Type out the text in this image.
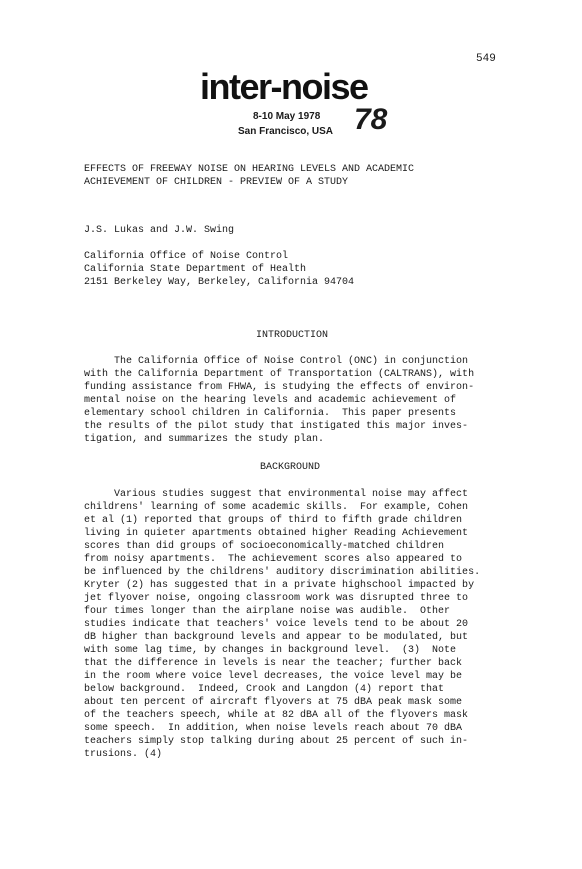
549
inter-noise
8-10 May 1978
San Francisco, USA 78
EFFECTS OF FREEWAY NOISE ON HEARING LEVELS AND ACADEMIC
ACHIEVEMENT OF CHILDREN - PREVIEW OF A STUDY
J.S. Lukas and J.W. Swing
California Office of Noise Control
California State Department of Health
2151 Berkeley Way, Berkeley, California 94704
INTRODUCTION
The California Office of Noise Control (ONC) in conjunction
with the California Department of Transportation (CALTRANS), with
funding assistance from FHWA, is studying the effects of environ-
mental noise on the hearing levels and academic achievement of
elementary school children in California.  This paper presents
the results of the pilot study that instigated this major inves-
tigation, and summarizes the study plan.
BACKGROUND
Various studies suggest that environmental noise may affect
childrens' learning of some academic skills.  For example, Cohen
et al (1) reported that groups of third to fifth grade children
living in quieter apartments obtained higher Reading Achievement
scores than did groups of socioeconomically-matched children
from noisy apartments.  The achievement scores also appeared to
be influenced by the childrens' auditory discrimination abilities.
Kryter (2) has suggested that in a private highschool impacted by
jet flyover noise, ongoing classroom work was disrupted three to
four times longer than the airplane noise was audible.  Other
studies indicate that teachers' voice levels tend to be about 20
dB higher than background levels and appear to be modulated, but
with some lag time, by changes in background level.  (3)  Note
that the difference in levels is near the teacher; further back
in the room where voice level decreases, the voice level may be
below background.  Indeed, Crook and Langdon (4) report that
about ten percent of aircraft flyovers at 75 dBA peak mask some
of the teachers speech, while at 82 dBA all of the flyovers mask
some speech.  In addition, when noise levels reach about 70 dBA
teachers simply stop talking during about 25 percent of such in-
trusions. (4)
